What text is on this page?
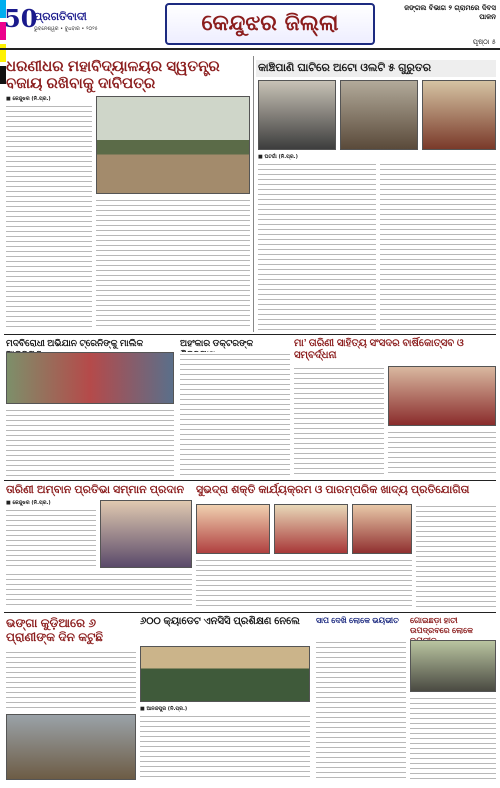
50
ପ୍ରଗତିବାଦୀ
ଭୁବନେଶ୍ୱର • ବୁଧବାର • ୨୦୨୫	କେନ୍ଦୁଝର ଜିଲ୍ଲା
ଜଙ୍ଗଲ ବିଭାଗ ୨ ଗ୍ରାମରେ ଦିବସ ପାଳନ
ପୃଷ୍ଠା ୫
ଧରଣୀଧର ମହାବିଦ୍ୟାଳୟର ସ୍ୱତନ୍ତ୍ର ବଜାୟ ରଖିବାକୁ ଦାବିପତ୍ର
କାଞ୍ଚିପାଣି ଘାଟିରେ ଅଟୋ ଓଲଟି ୫ ଗୁରୁତର
■ କେନ୍ଦୁଝର (ନି.ପ୍ର.)
■ ଘଟଗାଁ (ନି.ପ୍ର.)
ମଦବିରୋଧୀ ଅଭିଯାନ ଟ୍ରେନିଙ୍କୁ ମାଲିକ	ଅହଂକାର ଡକ୍ଟରଙ୍କ	ମା’ ତାରିଣୀ ସାହିତ୍ୟ ସଂସଦର ବାର୍ଷିକୋତ୍ସବ ଓ ସମ୍ବର୍ଦ୍ଧନା
ତାରିଣୀ ଅମ୍ବାନ ପ୍ରତିଭା ସମ୍ମାନ ପ୍ରଦାନ	ସୁଭଦ୍ରା ଶକ୍ତି କାର୍ଯ୍ୟକ୍ରମ ଓ ପାରମ୍ପରିକ ଖାଦ୍ୟ ପ୍ରତିଯୋଗିତା
■ କେନ୍ଦୁଝର (ନି.ପ୍ର.)
ଭଙ୍ଗା କୁଡ଼ିଆରେ ୬ ପ୍ରାଣୀଙ୍କ ଦିନ କଟୁଛି
୬୦୦ କ୍ୟାଡେଟ ଏନସିସି ପ୍ରଶିକ୍ଷଣ ନେଲେ	ସାପ ଦେଖି ଲୋକେ ଭୟଭୀତ	ଗୋଇଛଡ଼ା ହାତୀ ଉପଦ୍ରବରେ ଲୋକେ
■ ଆନନ୍ଦପୁର (ନି.ପ୍ର.)
